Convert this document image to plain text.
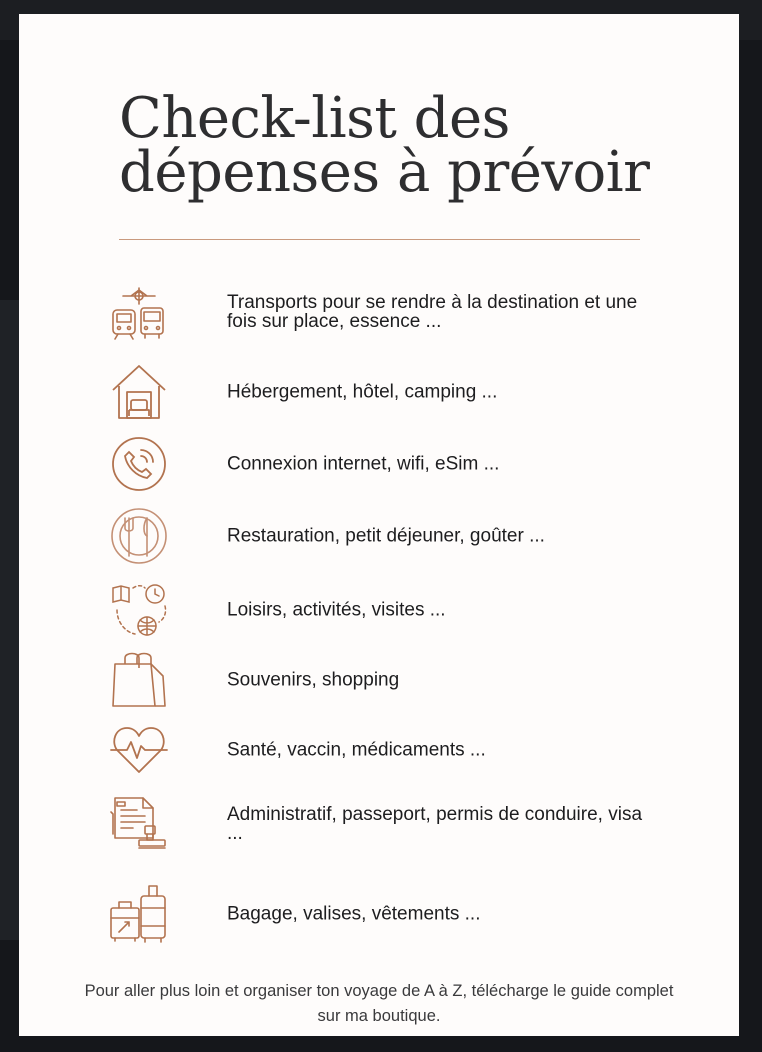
Check-list des dépenses à prévoir
Transports pour se rendre à la destination et une fois sur place, essence ...
Hébergement, hôtel, camping ...
Connexion internet, wifi, eSim ...
Restauration, petit déjeuner, goûter ...
Loisirs, activités, visites ...
Souvenirs, shopping
Santé, vaccin, médicaments ...
Administratif, passeport, permis de conduire, visa ...
Bagage, valises, vêtements ...

Pour aller plus loin et organiser ton voyage de A à Z, télécharge le guide complet sur ma boutique.
